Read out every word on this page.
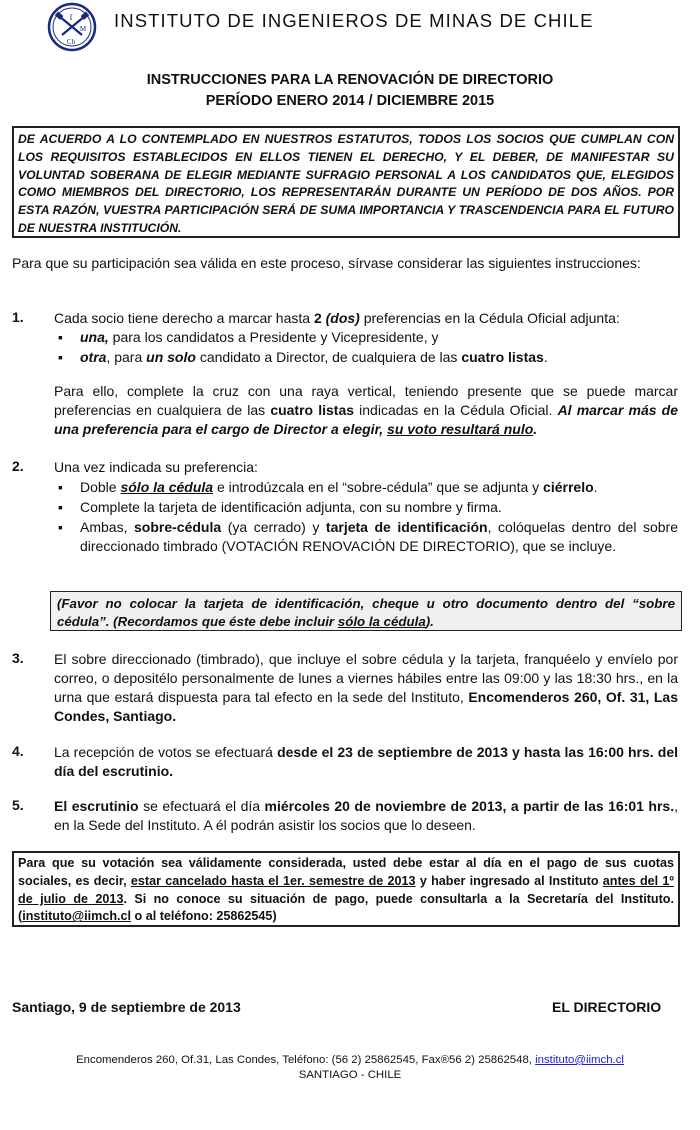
I
M
Ch
INSTITUTO DE INGENIEROS DE MINAS DE CHILE
INSTRUCCIONES PARA LA RENOVACIÓN DE DIRECTORIO
PERÍODO ENERO 2014 / DICIEMBRE 2015
DE ACUERDO A LO CONTEMPLADO EN NUESTROS ESTATUTOS, TODOS LOS SOCIOS QUE CUMPLAN CON LOS REQUISITOS ESTABLECIDOS EN ELLOS TIENEN EL DERECHO, Y EL DEBER, DE MANIFESTAR SU VOLUNTAD SOBERANA DE ELEGIR MEDIANTE SUFRAGIO PERSONAL A LOS CANDIDATOS QUE, ELEGIDOS COMO MIEMBROS DEL DIRECTORIO, LOS REPRESENTARÁN DURANTE UN PERÍODO DE DOS AÑOS. POR ESTA RAZÓN, VUESTRA PARTICIPACIÓN SERÁ DE SUMA IMPORTANCIA Y TRASCENDENCIA PARA EL FUTURO DE NUESTRA INSTITUCIÓN.
Para que su participación sea válida en este proceso, sírvase considerar las siguientes instrucciones:
1. Cada socio tiene derecho a marcar hasta 2 (dos) preferencias en la Cédula Oficial adjunta:
▪ una, para los candidatos a Presidente y Vicepresidente, y
▪ otra, para un solo candidato a Director, de cualquiera de las cuatro listas.
Para ello, complete la cruz con una raya vertical, teniendo presente que se puede marcar preferencias en cualquiera de las cuatro listas indicadas en la Cédula Oficial. Al marcar más de una preferencia para el cargo de Director a elegir, su voto resultará nulo.
2. Una vez indicada su preferencia:
▪ Doble sólo la cédula e introdúzcala en el “sobre-cédula” que se adjunta y ciérrelo.
▪ Complete la tarjeta de identificación adjunta, con su nombre y firma.
▪ Ambas, sobre-cédula (ya cerrado) y tarjeta de identificación, colóquelas dentro del sobre direccionado timbrado (VOTACIÓN RENOVACIÓN DE DIRECTORIO), que se incluye.
(Favor no colocar la tarjeta de identificación, cheque u otro documento dentro del “sobre cédula”. (Recordamos que éste debe incluir sólo la cédula).
3. El sobre direccionado (timbrado), que incluye el sobre cédula y la tarjeta, franquéelo y envíelo por correo, o depositélo personalmente de lunes a viernes hábiles entre las 09:00 y las 18:30 hrs., en la urna que estará dispuesta para tal efecto en la sede del Instituto, Encomenderos 260, Of. 31, Las Condes, Santiago.
4. La recepción de votos se efectuará desde el 23 de septiembre de 2013 y hasta las 16:00 hrs. del día del escrutinio.
5. El escrutinio se efectuará el día miércoles 20 de noviembre de 2013, a partir de las 16:01 hrs., en la Sede del Instituto. A él podrán asistir los socios que lo deseen.
Para que su votación sea válidamente considerada, usted debe estar al día en el pago de sus cuotas sociales, es decir, estar cancelado hasta el 1er. semestre de 2013 y haber ingresado al Instituto antes del 1º de julio de 2013. Si no conoce su situación de pago, puede consultarla a la Secretaría del Instituto. (instituto@iimch.cl o al teléfono: 25862545)
Santiago, 9 de septiembre de 2013	EL DIRECTORIO
Encomenderos 260, Of.31, Las Condes, Teléfono: (56 2) 25862545, Fax®56 2) 25862548, instituto@iimch.cl
SANTIAGO - CHILE
